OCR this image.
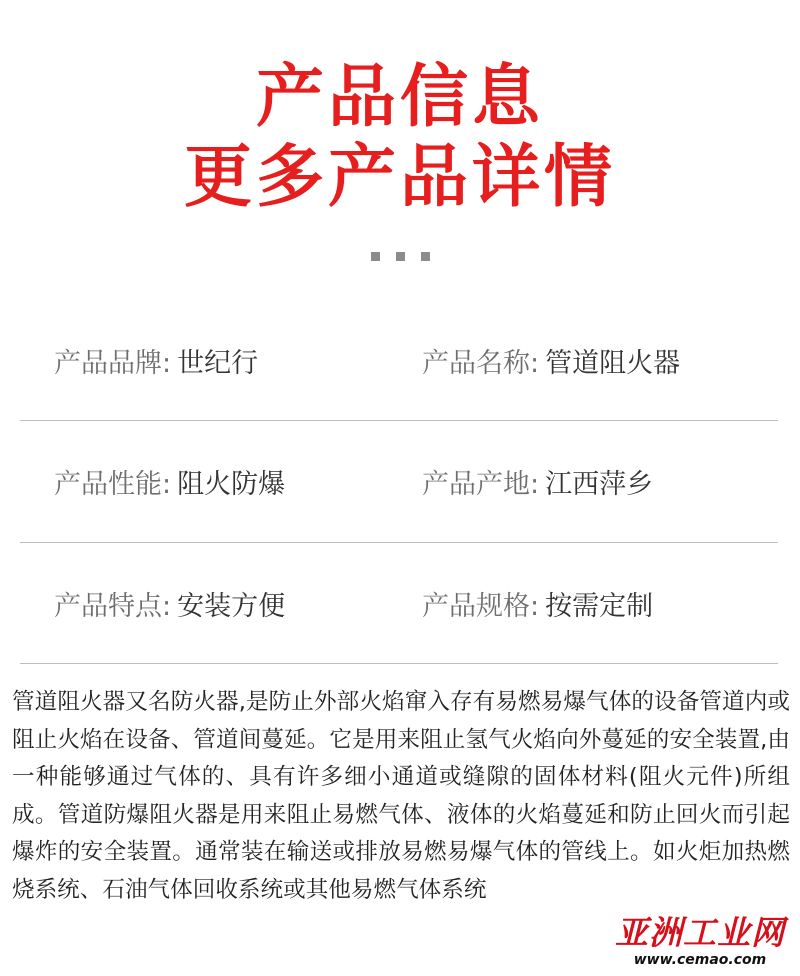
产品信息

更多产品详情

产品品牌: 世纪行	产品名称: 管道阻火器
产品性能: 阻火防爆	产品产地: 江西萍乡
产品特点: 安装方便	产品规格: 按需定制

管道阻火器又名防火器,是防止外部火焰窜入存有易燃易爆气体的设备管道内或阻止火焰在设备、管道间蔓延。它是用来阻止氢气火焰向外蔓延的安全装置,由一种能够通过气体的、具有许多细小通道或缝隙的固体材料(阻火元件)所组成。管道防爆阻火器是用来阻止易燃气体、液体的火焰蔓延和防止回火而引起爆炸的安全装置。通常装在输送或排放易燃易爆气体的管线上。如火炬加热燃烧系统、石油气体回收系统或其他易燃气体系统

亚洲工业网
www.cemao.com
